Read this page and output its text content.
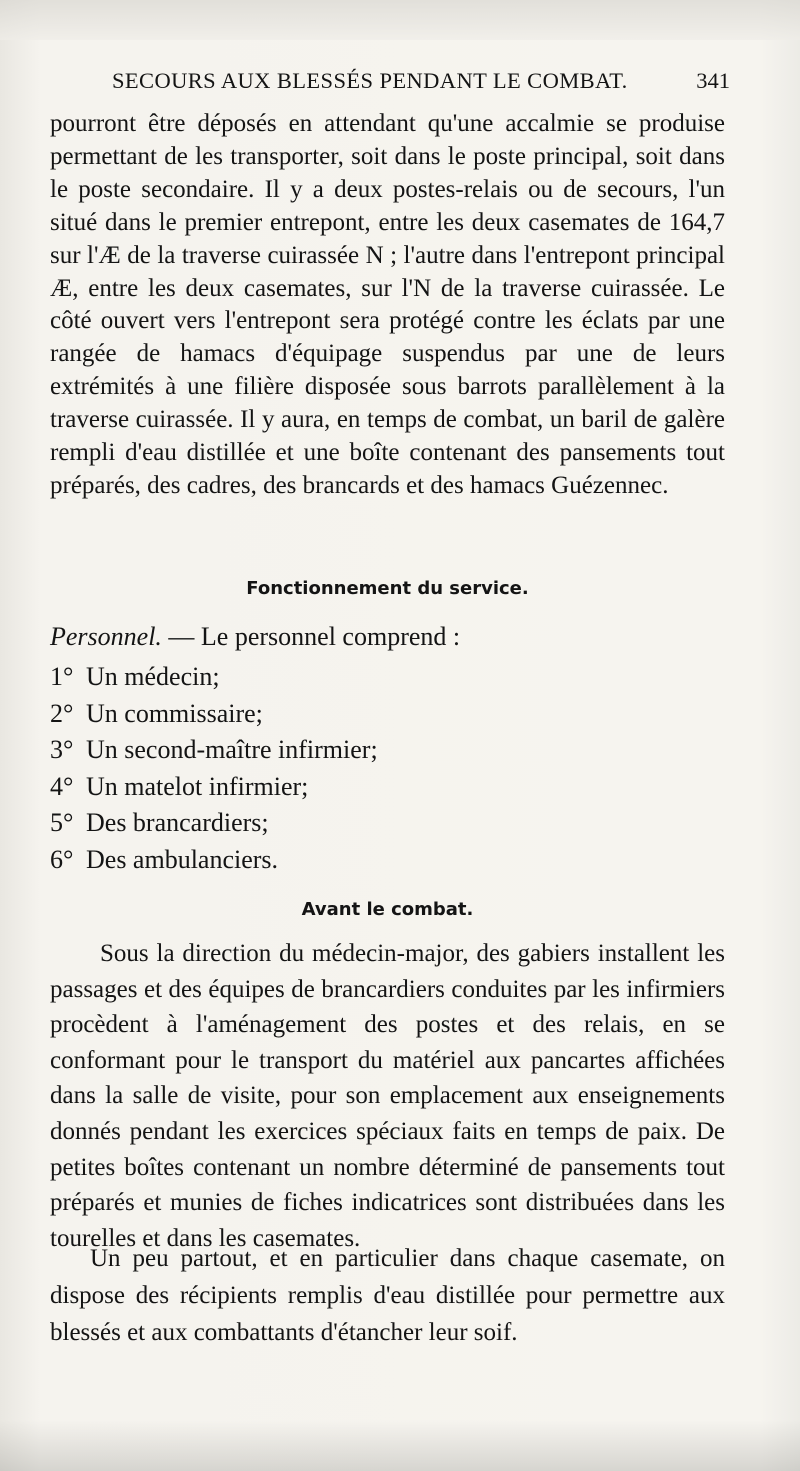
SECOURS AUX BLESSÉS PENDANT LE COMBAT.	341

pourront être déposés en attendant qu'une accalmie se produise permettant de les transporter, soit dans le poste principal, soit dans le poste secondaire. Il y a deux postes-relais ou de secours, l'un situé dans le premier entrepont, entre les deux casemates de 164,7 sur l'Æ de la traverse cuirassée N ; l'autre dans l'entrepont principal Æ, entre les deux casemates, sur l'N de la traverse cuirassée. Le côté ouvert vers l'entrepont sera protégé contre les éclats par une rangée de hamacs d'équipage suspendus par une de leurs extrémités à une filière disposée sous barrots parallèlement à la traverse cuirassée. Il y aura, en temps de combat, un baril de galère rempli d'eau distillée et une boîte contenant des pansements tout préparés, des cadres, des brancards et des hamacs Guézennec.

Fonctionnement du service.
Personnel. — Le personnel comprend :
1° Un médecin;
2° Un commissaire;
3° Un second-maître infirmier;
4° Un matelot infirmier;
5° Des brancardiers;
6° Des ambulanciers.
Avant le combat.

Sous la direction du médecin-major, des gabiers installent les passages et des équipes de brancardiers conduites par les infirmiers procèdent à l'aménagement des postes et des relais, en se conformant pour le transport du matériel aux pancartes affichées dans la salle de visite, pour son emplacement aux enseignements donnés pendant les exercices spéciaux faits en temps de paix. De petites boîtes contenant un nombre déterminé de pansements tout préparés et munies de fiches indicatrices sont distribuées dans les tourelles et dans les casemates.

Un peu partout, et en particulier dans chaque casemate, on dispose des récipients remplis d'eau distillée pour permettre aux blessés et aux combattants d'étancher leur soif.
